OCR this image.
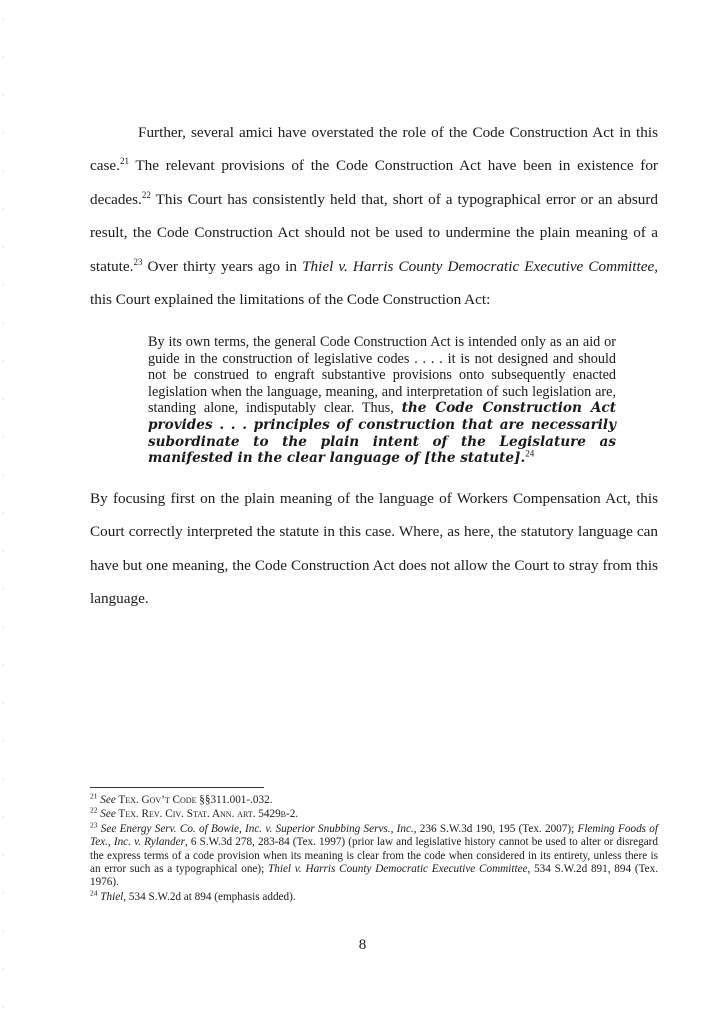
Further, several amici have overstated the role of the Code Construction Act in this case.$^{21}$ The relevant provisions of the Code Construction Act have been in existence for decades.$^{22}$ This Court has consistently held that, short of a typographical error or an absurd result, the Code Construction Act should not be used to undermine the plain meaning of a statute.$^{23}$ Over thirty years ago in Thiel v. Harris County Democratic Executive Committee, this Court explained the limitations of the Code Construction Act:

By its own terms, the general Code Construction Act is intended only as an aid or guide in the construction of legislative codes . . . . it is not designed and should not be construed to engraft substantive provisions onto subsequently enacted legislation when the language, meaning, and interpretation of such legislation are, standing alone, indisputably clear. Thus, the Code Construction Act provides . . . principles of construction that are necessarily subordinate to the plain intent of the Legislature as manifested in the clear language of [the statute].$^{24}$

By focusing first on the plain meaning of the language of Workers Compensation Act, this Court correctly interpreted the statute in this case. Where, as here, the statutory language can have but one meaning, the Code Construction Act does not allow the Court to stray from this language.

$^{21}$ See Tex. Gov’t Code §§311.001-.032.

$^{22}$ See Tex. Rev. Civ. Stat. Ann. art. 5429b-2.

$^{23}$ See Energy Serv. Co. of Bowie, Inc. v. Superior Snubbing Servs., Inc., 236 S.W.3d 190, 195 (Tex. 2007); Fleming Foods of Tex., Inc. v. Rylander, 6 S.W.3d 278, 283-84 (Tex. 1997) (prior law and legislative history cannot be used to alter or disregard the express terms of a code provision when its meaning is clear from the code when considered in its entirety, unless there is an error such as a typographical one); Thiel v. Harris County Democratic Executive Committee, 534 S.W.2d 891, 894 (Tex. 1976).

$^{24}$ Thiel, 534 S.W.2d at 894 (emphasis added).

8
